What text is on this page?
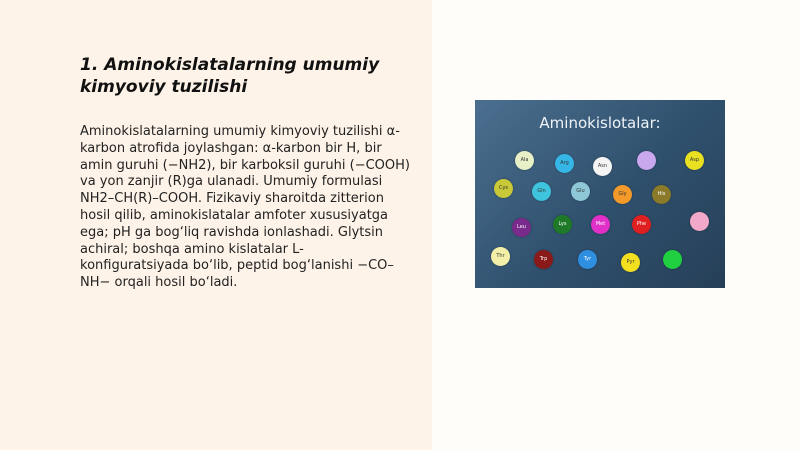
1. Aminokislatalarning umumiy kimyoviy tuzilishi

Aminokislatalarning umumiy kimyoviy tuzilishi α-karbon atrofida joylashgan: α-karbon bir H, bir amin guruhi (−NH2), bir karboksil guruhi (−COOH) va yon zanjir (R)ga ulanadi. Umumiy formulasi NH2–CH(R)–COOH. Fizikaviy sharoitda zitterion hosil qilib, aminokislatalar amfoter xususiyatga ega; pH ga bog‘liq ravishda ionlashadi. Glytsin achiral; boshqa amino kislatalar L-konfiguratsiyada bo‘lib, peptid bog‘lanishi −CO–NH− orqali hosil bo‘ladi.

Aminokislotalar:
Ala	Arg	Asn
Asp
Cys	Gln	Glu	Gly	His
Leu	Lys	Met	Phe
Thr	Trp	Tyr	Pyr
